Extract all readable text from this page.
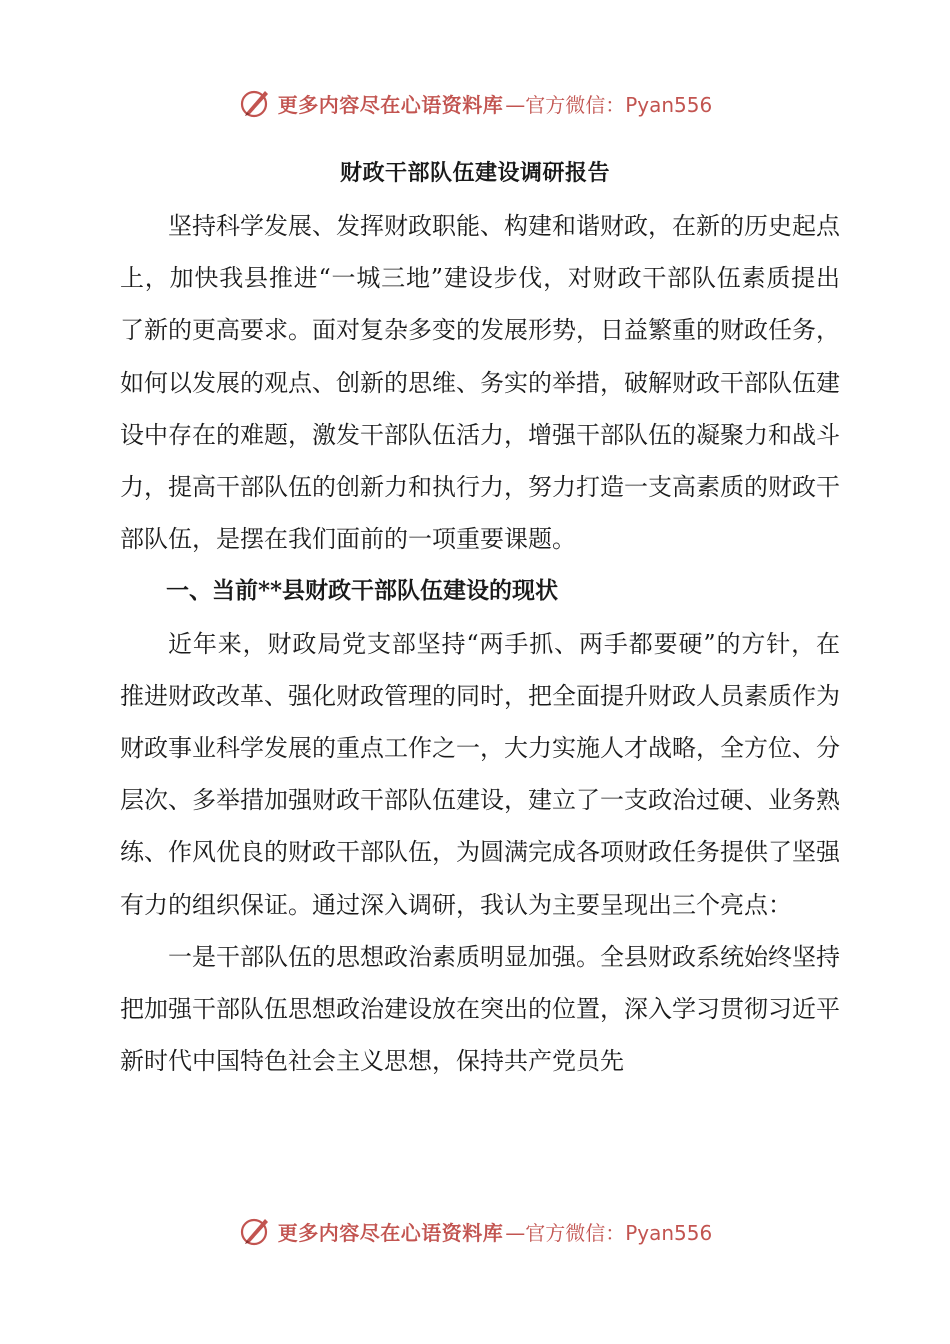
更多内容尽在心语资料库 —官方微信：Pyan556
财政干部队伍建设调研报告

坚持科学发展、发挥财政职能、构建和谐财政，在新的历史起点上，加快我县推进“一城三地”建设步伐，对财政干部队伍素质提出了新的更高要求。面对复杂多变的发展形势，日益繁重的财政任务，如何以发展的观点、创新的思维、务实的举措，破解财政干部队伍建设中存在的难题，激发干部队伍活力，增强干部队伍的凝聚力和战斗力，提高干部队伍的创新力和执行力，努力打造一支高素质的财政干部队伍，是摆在我们面前的一项重要课题。

一、当前**县财政干部队伍建设的现状

近年来，财政局党支部坚持“两手抓、两手都要硬”的方针，在推进财政改革、强化财政管理的同时，把全面提升财政人员素质作为财政事业科学发展的重点工作之一，大力实施人才战略，全方位、分层次、多举措加强财政干部队伍建设，建立了一支政治过硬、业务熟练、作风优良的财政干部队伍，为圆满完成各项财政任务提供了坚强有力的组织保证。通过深入调研，我认为主要呈现出三个亮点：

一是干部队伍的思想政治素质明显加强。全县财政系统始终坚持把加强干部队伍思想政治建设放在突出的位置，深入学习贯彻习近平新时代中国特色社会主义思想，保持共产党员先

更多内容尽在心语资料库 —官方微信：Pyan556
